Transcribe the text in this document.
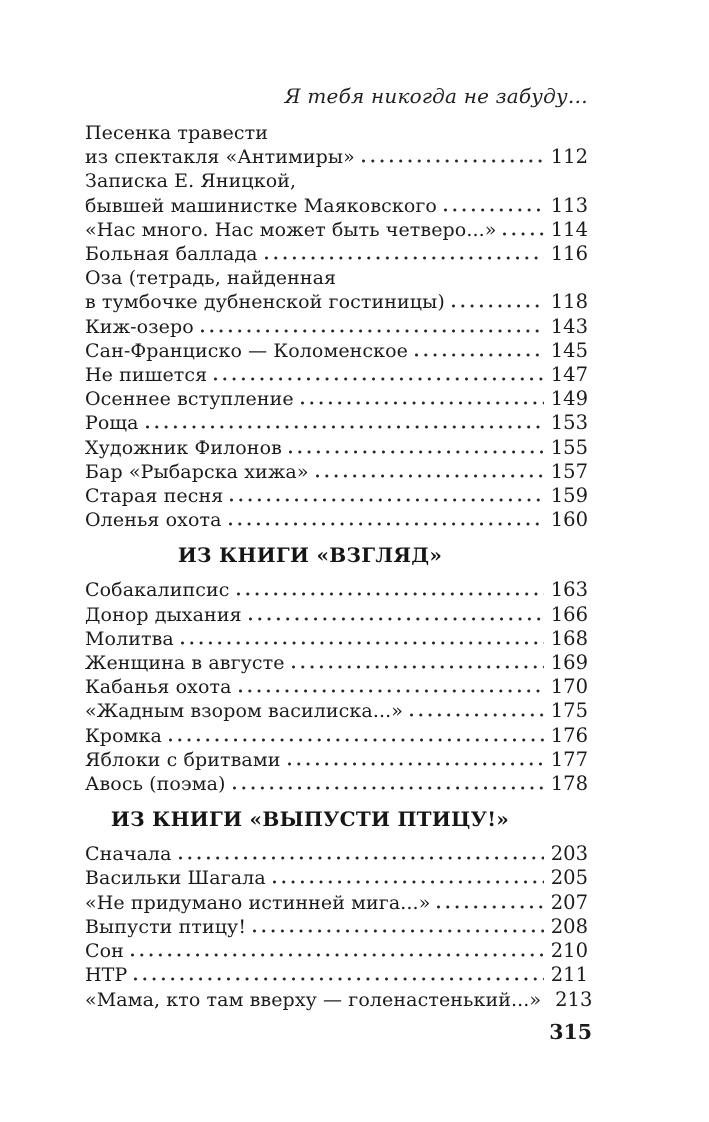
Я тебя никогда не забуду…
Песенка травести
из спектакля «Антимиры»	112
Записка Е. Яницкой,
бывшей машинистке Маяковского	113
«Нас много. Нас может быть четверо...»	114
Больная баллада	116
Оза (тетрадь, найденная
в тумбочке дубненской гостиницы)	118
Киж-озеро	143
Сан-Франциско — Коломенское	145
Не пишется	147
Осеннее вступление	149
Роща	153
Художник Филонов	155
Бар «Рыбарска хижа»	157
Старая песня	159
Оленья охота	160
ИЗ КНИГИ «ВЗГЛЯД»
Собакалипсис	163
Донор дыхания	166
Молитва	168
Женщина в августе	169
Кабанья охота	170
«Жадным взором василиска...»	175
Кромка	176
Яблоки с бритвами	177
Авось (поэма)	178
ИЗ КНИГИ «ВЫПУСТИ ПТИЦУ!»
Сначала	203
Васильки Шагала	205
«Не придумано истинней мига...»	207
Выпусти птицу!	208
Сон	210
НТР	211
«Мама, кто там вверху — голенастенький...» 213
315
